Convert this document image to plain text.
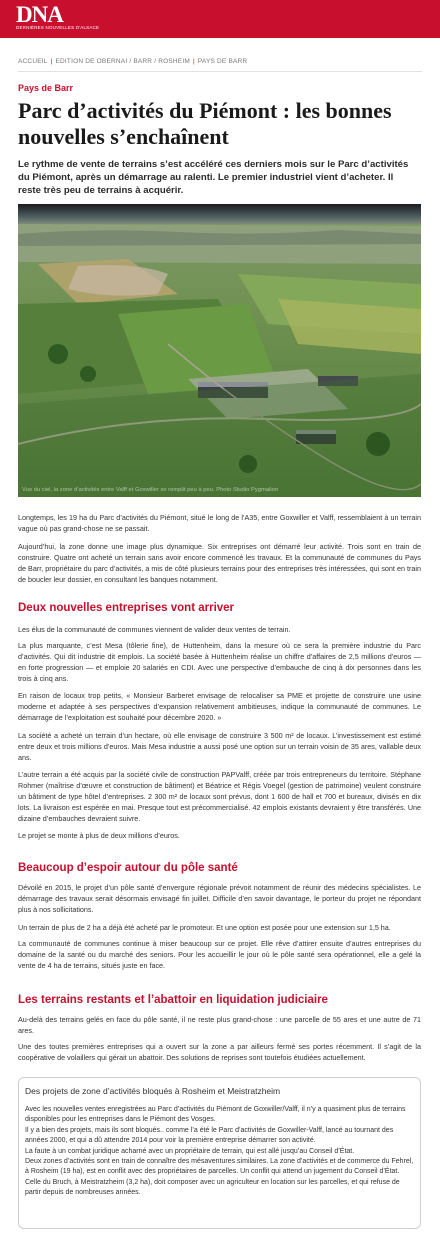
DNA
DERNIÈRES NOUVELLES D'ALSACE
ACCUEIL | EDITION DE OBERNAI / BARR / ROSHEIM | PAYS DE BARR
Pays de Barr
Parc d’activités du Piémont : les bonnes nouvelles s’enchaînent

Le rythme de vente de terrains s’est accéléré ces derniers mois sur le Parc d’activités du Piémont, après un démarrage au ralenti. Le premier industriel vient d’acheter. Il reste très peu de terrains à acquérir.

Vue du ciel, la zone d’activités entre Valff et Goxwiller se remplit peu à peu. Photo Studio Pygmalion

Longtemps, les 19 ha du Parc d’activités du Piémont, situé le long de l’A35, entre Goxwiller et Valff, ressemblaient à un terrain vague où pas grand-chose ne se passait.

Aujourd’hui, la zone donne une image plus dynamique. Six entreprises ont démarré leur activité. Trois sont en train de construire. Quatre ont acheté un terrain sans avoir encore commencé les travaux. Et la communauté de communes du Pays de Barr, propriétaire du parc d’activités, a mis de côté plusieurs terrains pour des entreprises très intéressées, qui sont en train de boucler leur dossier, en consultant les banques notamment.

Deux nouvelles entreprises vont arriver

Les élus de la communauté de communes viennent de valider deux ventes de terrain.

La plus marquante, c’est Mesa (tôlerie fine), de Huttenheim, dans la mesure où ce sera la première industrie du Parc d’activités. Qui dit industrie dit emplois. La société basée à Huttenheim réalise un chiffre d’affaires de 2,5 millions d’euros — en forte progression — et emploie 20 salariés en CDI. Avec une perspective d’embauche de cinq à dix personnes dans les trois à cinq ans.

En raison de locaux trop petits, « Monsieur Barberet envisage de relocaliser sa PME et projette de construire une usine moderne et adaptée à ses perspectives d’expansion relativement ambitieuses, indique la communauté de communes. Le démarrage de l’exploitation est souhaité pour décembre 2020. »

La société a acheté un terrain d’un hectare, où elle envisage de construire 3 500 m² de locaux. L’investissement est estimé entre deux et trois millions d’euros. Mais Mesa industrie a aussi posé une option sur un terrain voisin de 35 ares, vallable deux ans.

L’autre terrain a été acquis par la société civile de construction PAPValff, créée par trois entrepreneurs du territoire. Stéphane Rohmer (maîtrise d’œuvre et construction de bâtiment) et Béatrice et Régis Voegel (gestion de patrimoine) veulent construire un bâtiment de type hôtel d’entreprises. 2 300 m² de locaux sont prévus, dont 1 600 de hall et 700 et bureaux, divisés en dix lots. La livraison est espérée en mai. Presque tout est précommercialisé. 42 emplois existants devraient y être transférés. Une dizaine d’embauches devraient suivre.

Le projet se monte à plus de deux millions d’euros.

Beaucoup d’espoir autour du pôle santé

Dévoilé en 2015, le projet d’un pôle santé d’envergure régionale prévoit notamment de réunir des médecins spécialistes. Le démarrage des travaux serait désormais envisagé fin juillet. Difficile d’en savoir davantage, le porteur du projet ne répondant plus à nos sollicitations.

Un terrain de plus de 2 ha a déjà été acheté par le promoteur. Et une option est posée pour une extension sur 1,5 ha.

La communauté de communes continue à miser beaucoup sur ce projet. Elle rêve d’attirer ensuite d’autres entreprises du domaine de la santé ou du marché des seniors. Pour les accueillir le jour où le pôle santé sera opérationnel, elle a gelé la vente de 4 ha de terrains, situés juste en face.

Les terrains restants et l’abattoir en liquidation judiciaire

Au-delà des terrains gelés en face du pôle santé, il ne reste plus grand-chose : une parcelle de 55 ares et une autre de 71 ares.

Une des toutes premières entreprises qui a ouvert sur la zone a par ailleurs fermé ses portes récemment. Il s’agit de la coopérative de volaillers qui gérait un abattoir. Des solutions de reprises sont toutefois étudiées actuellement.

Des projets de zone d’activités bloqués à Rosheim et Meistratzheim

Avec les nouvelles ventes enregistrées au Parc d’activités du Piémont de Goxwiller/Valff, il n’y a quasiment plus de terrains disponibles pour les entreprises dans le Piémont des Vosges.

Il y a bien des projets, mais ils sont bloqués.. comme l’a été le Parc d’activités de Goxwiller-Valff, lancé au tournant des années 2000, et qui a dû attendre 2014 pour voir la première entreprise démarrer son activité.

La faute à un combat juridique acharné avec un propriétaire de terrain, qui est allé jusqu’au Conseil d’État.

Deux zones d’activités sont en train de connaître des mésaventures similaires. La zone d’activités et de commerce du Fehrel, à Rosheim (19 ha), est en conflit avec des propriétaires de parcelles. Un conflit qui attend un jugement du Conseil d’État.

Celle du Bruch, à Meistratzheim (3,2 ha), doit composer avec un agriculteur en location sur les parcelles, et qui refuse de partir depuis de nombreuses années.
